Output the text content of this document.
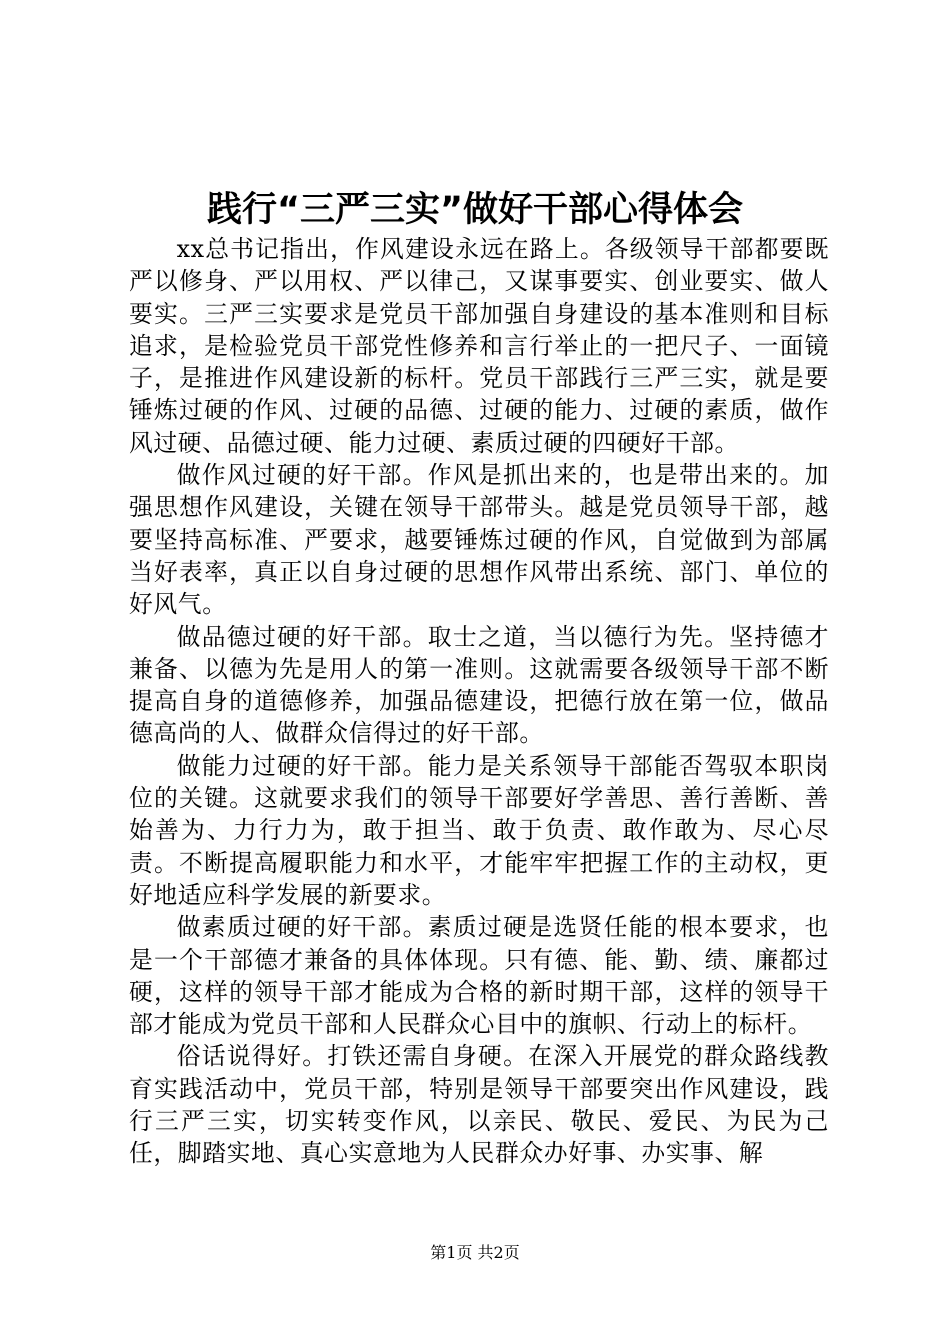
践行“三严三实”做好干部心得体会

xx总书记指出，作风建设永远在路上。各级领导干部都要既严以修身、严以用权、严以律己，又谋事要实、创业要实、做人要实。三严三实要求是党员干部加强自身建设的基本准则和目标追求，是检验党员干部党性修养和言行举止的一把尺子、一面镜子，是推进作风建设新的标杆。党员干部践行三严三实，就是要锤炼过硬的作风、过硬的品德、过硬的能力、过硬的素质，做作风过硬、品德过硬、能力过硬、素质过硬的四硬好干部。

做作风过硬的好干部。作风是抓出来的，也是带出来的。加强思想作风建设，关键在领导干部带头。越是党员领导干部，越要坚持高标准、严要求，越要锤炼过硬的作风，自觉做到为部属当好表率，真正以自身过硬的思想作风带出系统、部门、单位的好风气。

做品德过硬的好干部。取士之道，当以德行为先。坚持德才兼备、以德为先是用人的第一准则。这就需要各级领导干部不断提高自身的道德修养，加强品德建设，把德行放在第一位，做品德高尚的人、做群众信得过的好干部。

做能力过硬的好干部。能力是关系领导干部能否驾驭本职岗位的关键。这就要求我们的领导干部要好学善思、善行善断、善始善为、力行力为，敢于担当、敢于负责、敢作敢为、尽心尽责。不断提高履职能力和水平，才能牢牢把握工作的主动权，更好地适应科学发展的新要求。

做素质过硬的好干部。素质过硬是选贤任能的根本要求，也是一个干部德才兼备的具体体现。只有德、能、勤、绩、廉都过硬，这样的领导干部才能成为合格的新时期干部，这样的领导干部才能成为党员干部和人民群众心目中的旗帜、行动上的标杆。

俗话说得好。打铁还需自身硬。在深入开展党的群众路线教育实践活动中，党员干部，特别是领导干部要突出作风建设，践行三严三实，切实转变作风，以亲民、敬民、爱民、为民为己任，脚踏实地、真心实意地为人民群众办好事、办实事、解

第1页 共2页
